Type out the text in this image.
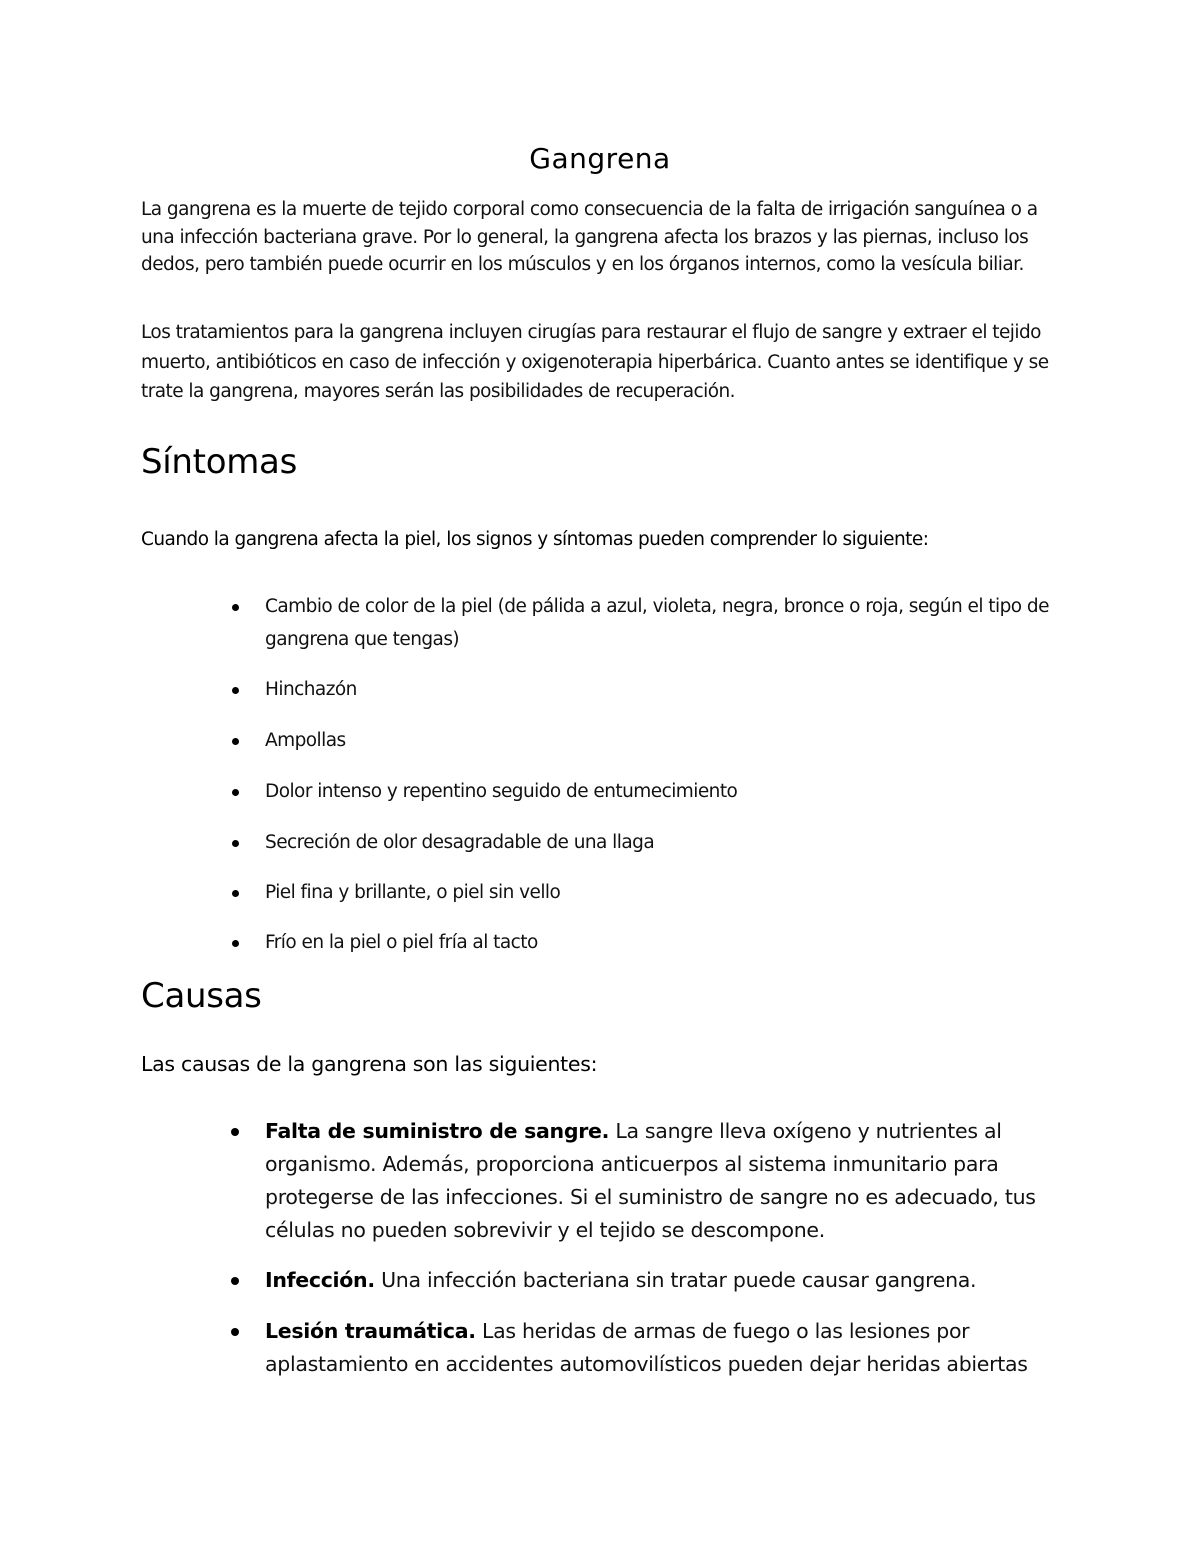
Gangrena

La gangrena es la muerte de tejido corporal como consecuencia de la falta de irrigación sanguínea o a una infección bacteriana grave. Por lo general, la gangrena afecta los brazos y las piernas, incluso los dedos, pero también puede ocurrir en los músculos y en los órganos internos, como la vesícula biliar.

Los tratamientos para la gangrena incluyen cirugías para restaurar el flujo de sangre y extraer el tejido muerto, antibióticos en caso de infección y oxigenoterapia hiperbárica. Cuanto antes se identifique y se trate la gangrena, mayores serán las posibilidades de recuperación.

Síntomas

Cuando la gangrena afecta la piel, los signos y síntomas pueden comprender lo siguiente:

Cambio de color de la piel (de pálida a azul, violeta, negra, bronce o roja, según el tipo de gangrena que tengas)
Hinchazón
Ampollas
Dolor intenso y repentino seguido de entumecimiento
Secreción de olor desagradable de una llaga
Piel fina y brillante, o piel sin vello
Frío en la piel o piel fría al tacto
Causas

Las causas de la gangrena son las siguientes:

Falta de suministro de sangre. La sangre lleva oxígeno y nutrientes al organismo. Además, proporciona anticuerpos al sistema inmunitario para protegerse de las infecciones. Si el suministro de sangre no es adecuado, tus células no pueden sobrevivir y el tejido se descompone.
Infección. Una infección bacteriana sin tratar puede causar gangrena.
Lesión traumática. Las heridas de armas de fuego o las lesiones por aplastamiento en accidentes automovilísticos pueden dejar heridas abiertas
